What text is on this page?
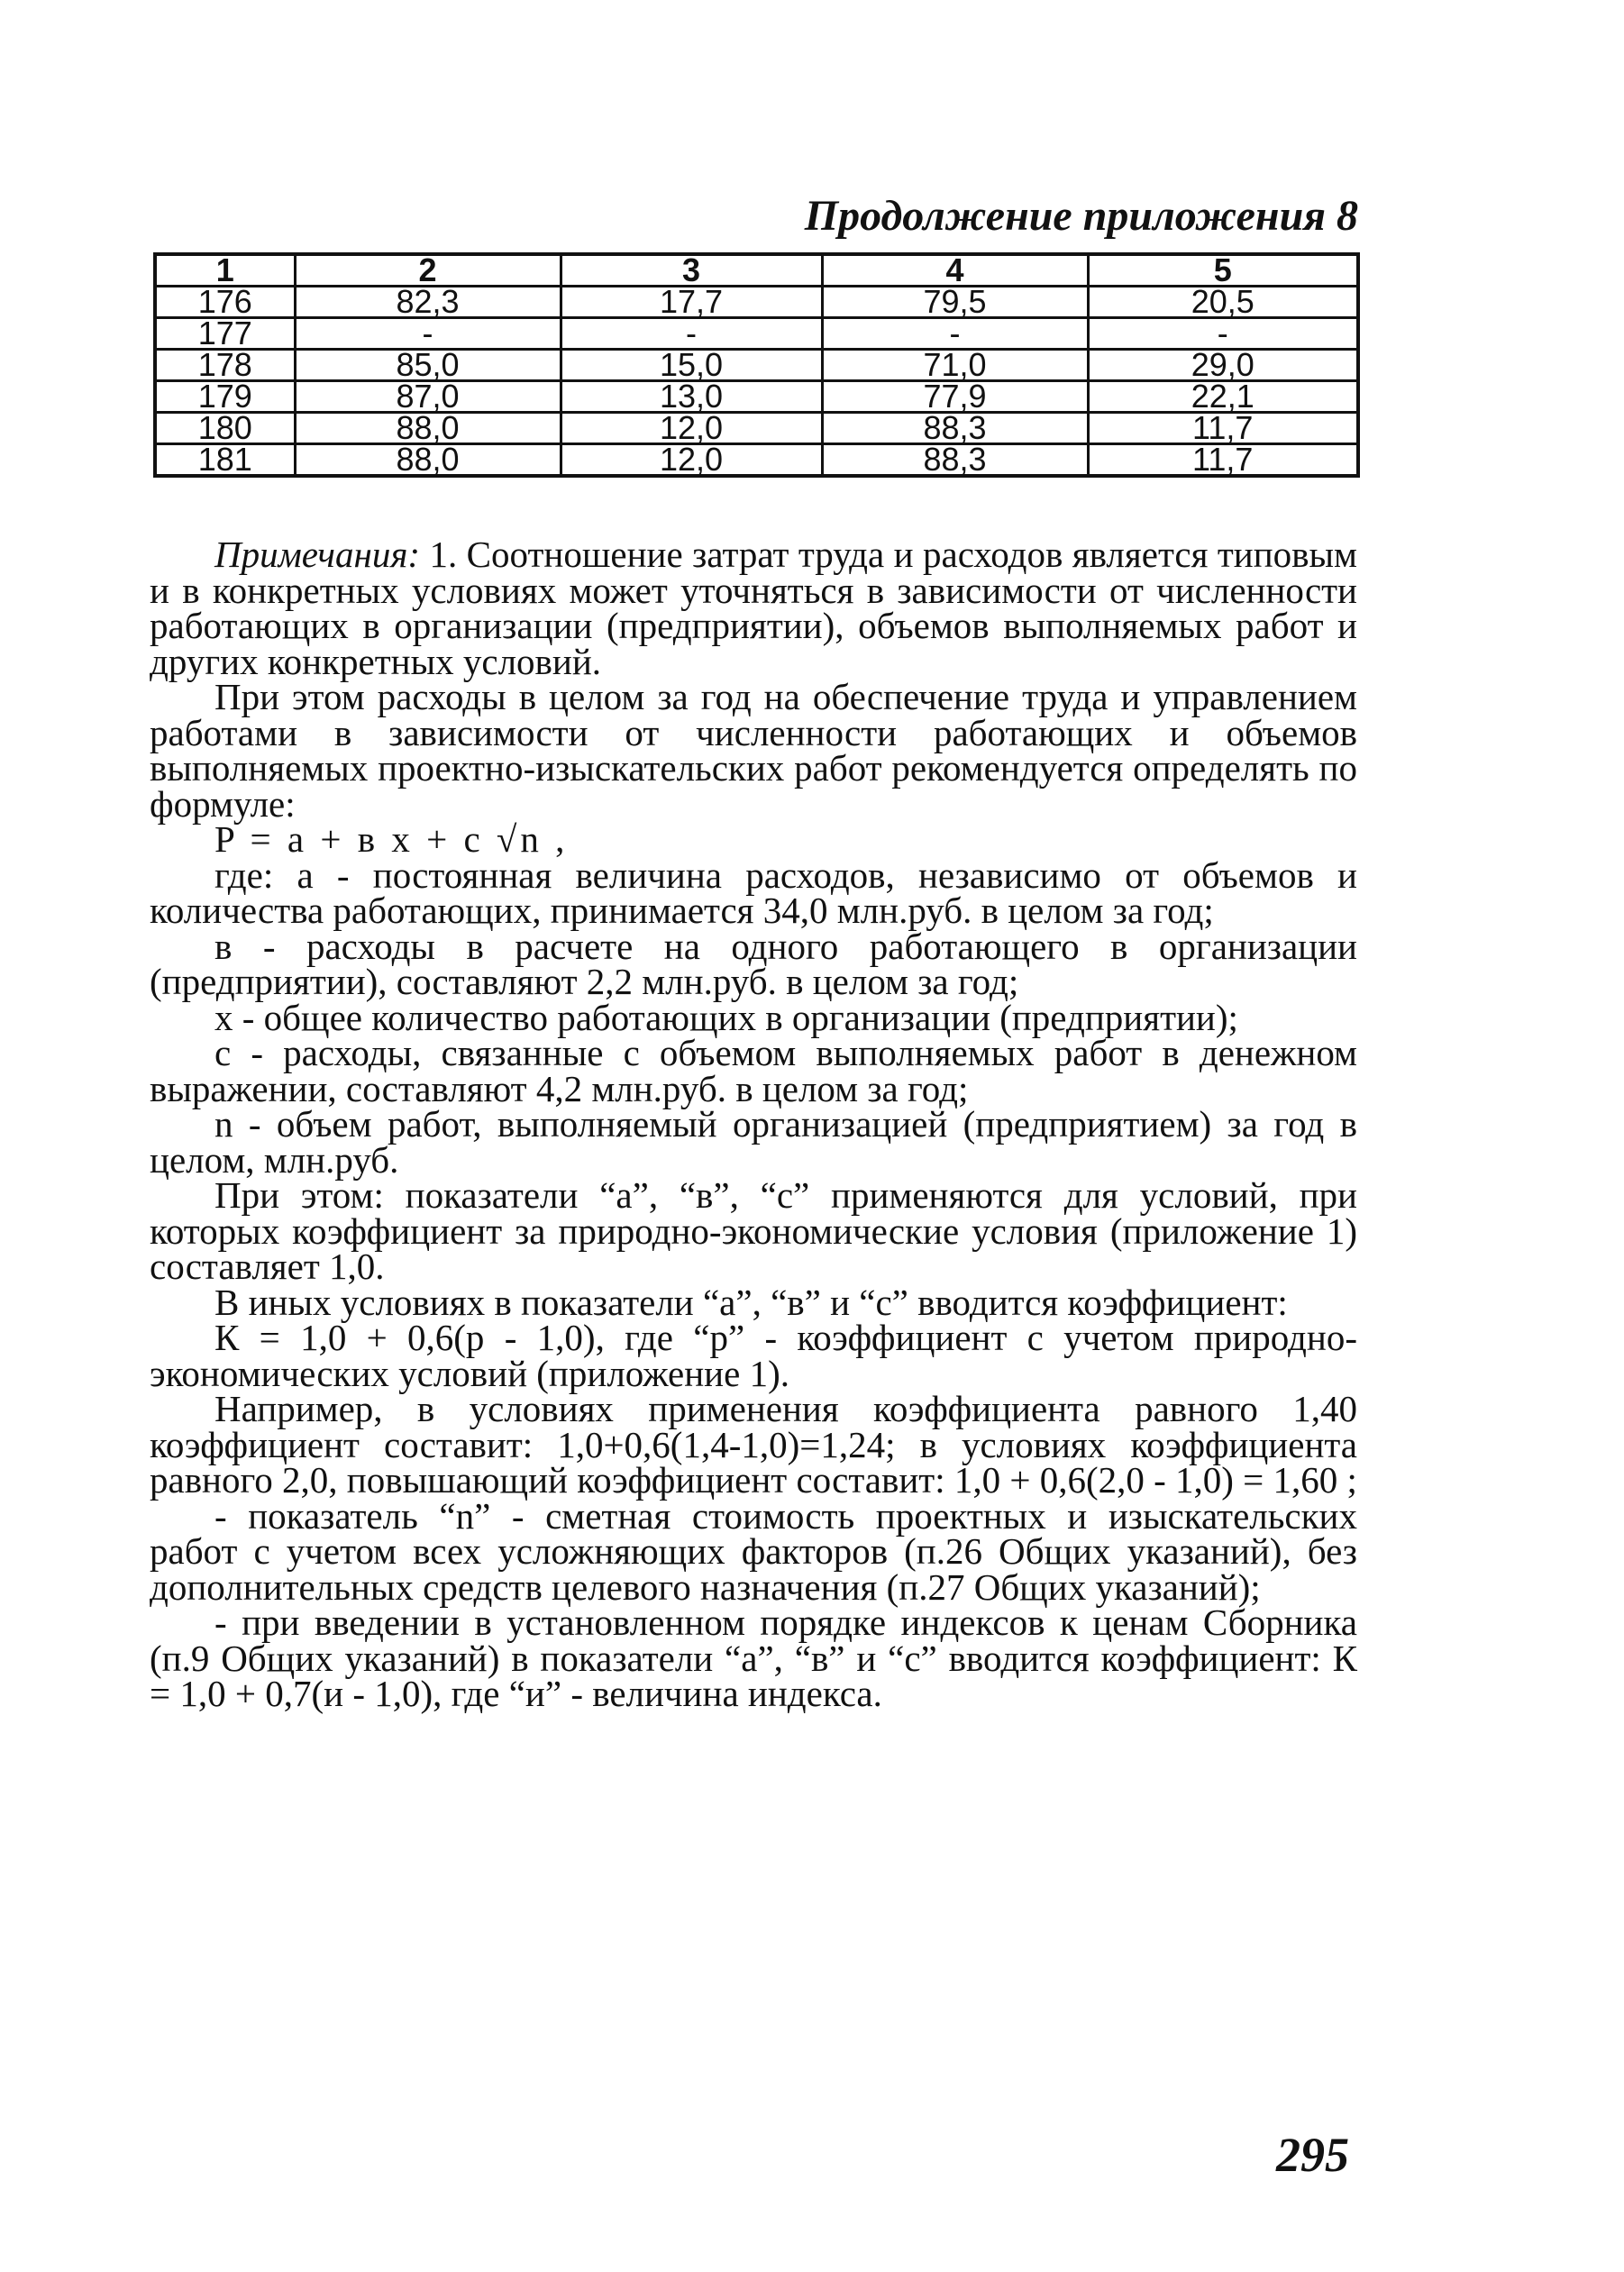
Продолжение приложения 8
1	2	3	4	5
176	82,3	17,7	79,5	20,5
177	-	-	-	-
178	85,0	15,0	71,0	29,0
179	87,0	13,0	77,9	22,1
180	88,0	12,0	88,3	11,7
181	88,0	12,0	88,3	11,7

Примечания: 1. Соотношение затрат труда и расходов является типовым и в конкретных условиях может уточняться в зависимости от численности работающих в организации (предприятии), объемов выполняемых работ и других конкретных условий.

При этом расходы в целом за год на обеспечение труда и управлением работами в зависимости от численности работающих и объемов выполняемых проектно-изыскательских работ рекомендуется определять по формуле:

P = a + в x + c √n ,

где: а - постоянная величина расходов, независимо от объемов и количества работающих, принимается 34,0 млн.руб. в целом за год;

в - расходы в расчете на одного работающего в организации (предприятии), составляют 2,2 млн.руб. в целом за год;

х - общее количество работающих в организации (предприятии);

с - расходы, связанные с объемом выполняемых работ в денежном выражении, составляют 4,2 млн.руб. в целом за год;

n - объем работ, выполняемый организацией (предприятием) за год в целом, млн.руб.

При этом: показатели “а”, “в”, “с” применяются для условий, при которых коэффициент за природно-экономические условия (приложение 1) составляет 1,0.

В иных условиях в показатели “а”, “в” и “с” вводится коэффициент:

К = 1,0 + 0,6(р - 1,0), где “р” - коэффициент с учетом природно-экономических условий (приложение 1).

Например, в условиях применения коэффициента равного 1,40 коэффициент составит: 1,0+0,6(1,4-1,0)=1,24; в условиях коэффициента равного 2,0, повышающий коэффициент составит: 1,0 + 0,6(2,0 - 1,0) = 1,60 ;

- показатель “n” - сметная стоимость проектных и изыскательских работ с учетом всех усложняющих факторов (п.26 Общих указаний), без дополнительных средств целевого назначения (п.27 Общих указаний);

- при введении в установленном порядке индексов к ценам Сборника (п.9 Общих указаний) в показатели “а”, “в” и “с” вводится коэффициент: К = 1,0 + 0,7(и - 1,0), где “и” - величина индекса.

295
